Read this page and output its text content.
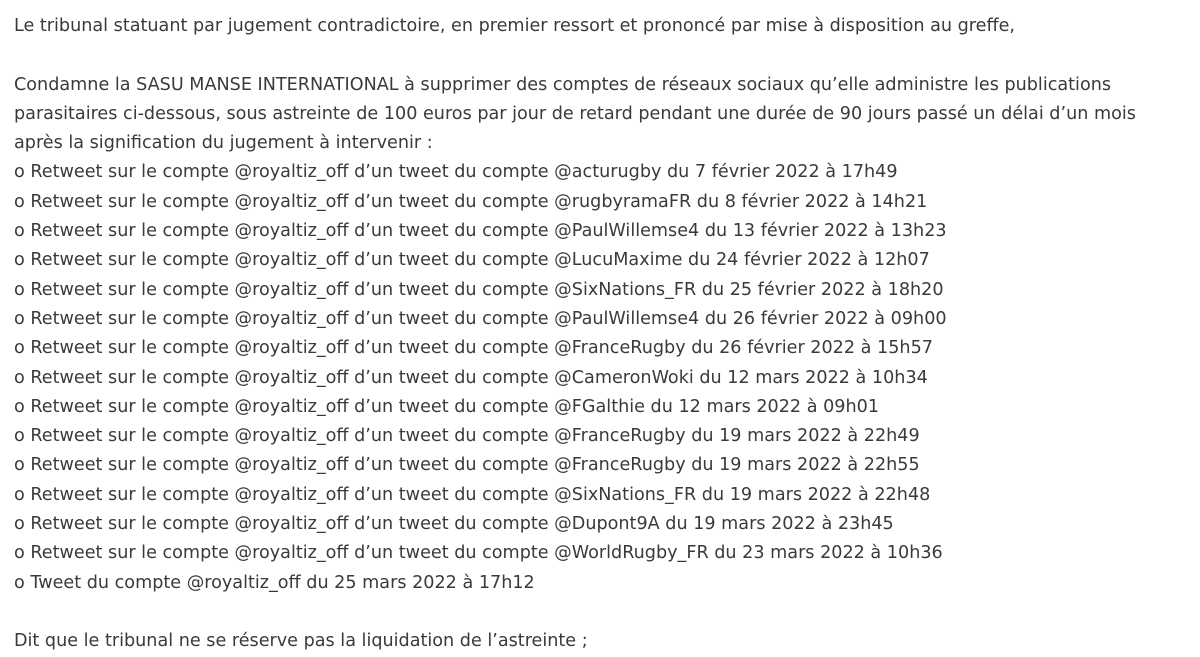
Le tribunal statuant par jugement contradictoire, en premier ressort et prononcé par mise à disposition au greffe,

Condamne la SASU MANSE INTERNATIONAL à supprimer des comptes de réseaux sociaux qu’elle administre les publications

parasitaires ci-dessous, sous astreinte de 100 euros par jour de retard pendant une durée de 90 jours passé un délai d’un mois

après la signification du jugement à intervenir :

o Retweet sur le compte @royaltiz_off d’un tweet du compte @acturugby du 7 février 2022 à 17h49

o Retweet sur le compte @royaltiz_off d’un tweet du compte @rugbyramaFR du 8 février 2022 à 14h21

o Retweet sur le compte @royaltiz_off d’un tweet du compte @PaulWillemse4 du 13 février 2022 à 13h23

o Retweet sur le compte @royaltiz_off d’un tweet du compte @LucuMaxime du 24 février 2022 à 12h07

o Retweet sur le compte @royaltiz_off d’un tweet du compte @SixNations_FR du 25 février 2022 à 18h20

o Retweet sur le compte @royaltiz_off d’un tweet du compte @PaulWillemse4 du 26 février 2022 à 09h00

o Retweet sur le compte @royaltiz_off d’un tweet du compte @FranceRugby du 26 février 2022 à 15h57

o Retweet sur le compte @royaltiz_off d’un tweet du compte @CameronWoki du 12 mars 2022 à 10h34

o Retweet sur le compte @royaltiz_off d’un tweet du compte @FGalthie du 12 mars 2022 à 09h01

o Retweet sur le compte @royaltiz_off d’un tweet du compte @FranceRugby du 19 mars 2022 à 22h49

o Retweet sur le compte @royaltiz_off d’un tweet du compte @FranceRugby du 19 mars 2022 à 22h55

o Retweet sur le compte @royaltiz_off d’un tweet du compte @SixNations_FR du 19 mars 2022 à 22h48

o Retweet sur le compte @royaltiz_off d’un tweet du compte @Dupont9A du 19 mars 2022 à 23h45

o Retweet sur le compte @royaltiz_off d’un tweet du compte @WorldRugby_FR du 23 mars 2022 à 10h36

o Tweet du compte @royaltiz_off du 25 mars 2022 à 17h12

Dit que le tribunal ne se réserve pas la liquidation de l’astreinte ;
